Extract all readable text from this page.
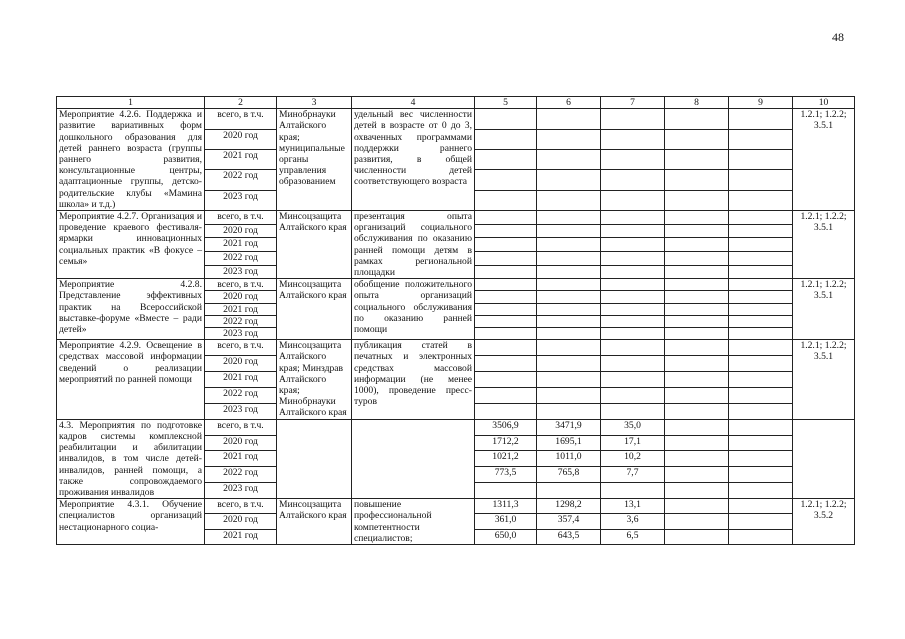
48
1	2	3	4	5	6	7	8	9	10
Мероприятие 4.2.6. Поддержка и развитие вариативных форм дошкольного образования для детей раннего возраста (группы раннего развития, консультационные центры, адаптационные группы, детско-родительские клубы «Мамина школа» и т.д.)	всего, в т.ч.	Минобрнауки Алтайского края; муниципальные органы управления образованием	удельный вес численности детей в возрасте от 0 до 3, охваченных программами поддержки раннего развития, в общей численности детей соответствующего возраста						1.2.1; 1.2.2; 3.5.1
	2020 год								
	2021 год								
	2022 год								
	2023 год								
Мероприятие 4.2.7. Организация и проведение краевого фестиваля-ярмарки инновационных социальных практик «В фокусе – семья»	всего, в т.ч.	Минсоцзащита Алтайского края	презентация опыта организаций социального обслуживания по оказанию ранней помощи детям в рамках региональной площадки						1.2.1; 1.2.2; 3.5.1
	2020 год								
	2021 год								
	2022 год								
	2023 год								
Мероприятие 4.2.8. Представление эффективных практик на Всероссийской выставке-форуме «Вместе – ради детей»	всего, в т.ч.	Минсоцзащита Алтайского края	обобщение положительного опыта организаций социального обслуживания по оказанию ранней помощи						1.2.1; 1.2.2; 3.5.1
	2020 год								
	2021 год								
	2022 год								
	2023 год								
Мероприятие 4.2.9. Освещение в средствах массовой информации сведений о реализации мероприятий по ранней помощи	всего, в т.ч.	Минсоцзащита Алтайского края; Минздрав Алтайского края; Минобрнауки Алтайского края	публикация статей в печатных и электронных средствах массовой информации (не менее 1000), проведение пресс-туров						1.2.1; 1.2.2; 3.5.1
	2020 год								
	2021 год								
	2022 год								
	2023 год								
4.3. Мероприятия по подготовке кадров системы комплексной реабилитации и абилитации инвалидов, в том числе детей-инвалидов, ранней помощи, а также сопровождаемого проживания инвалидов	всего, в т.ч.			3506,9	3471,9	35,0			
	2020 год			1712,2	1695,1	17,1			
	2021 год			1021,2	1011,0	10,2			
	2022 год			773,5	765,8	7,7			
	2023 год								
Мероприятие 4.3.1. Обучение специалистов организаций нестационарного социа-	всего, в т.ч.	Минсоцзащита Алтайского края	повышение профессиональной компетентности специалистов;	1311,3	1298,2	13,1			1.2.1; 1.2.2; 3.5.2
	2020 год			361,0	357,4	3,6			
	2021 год			650,0	643,5	6,5			
